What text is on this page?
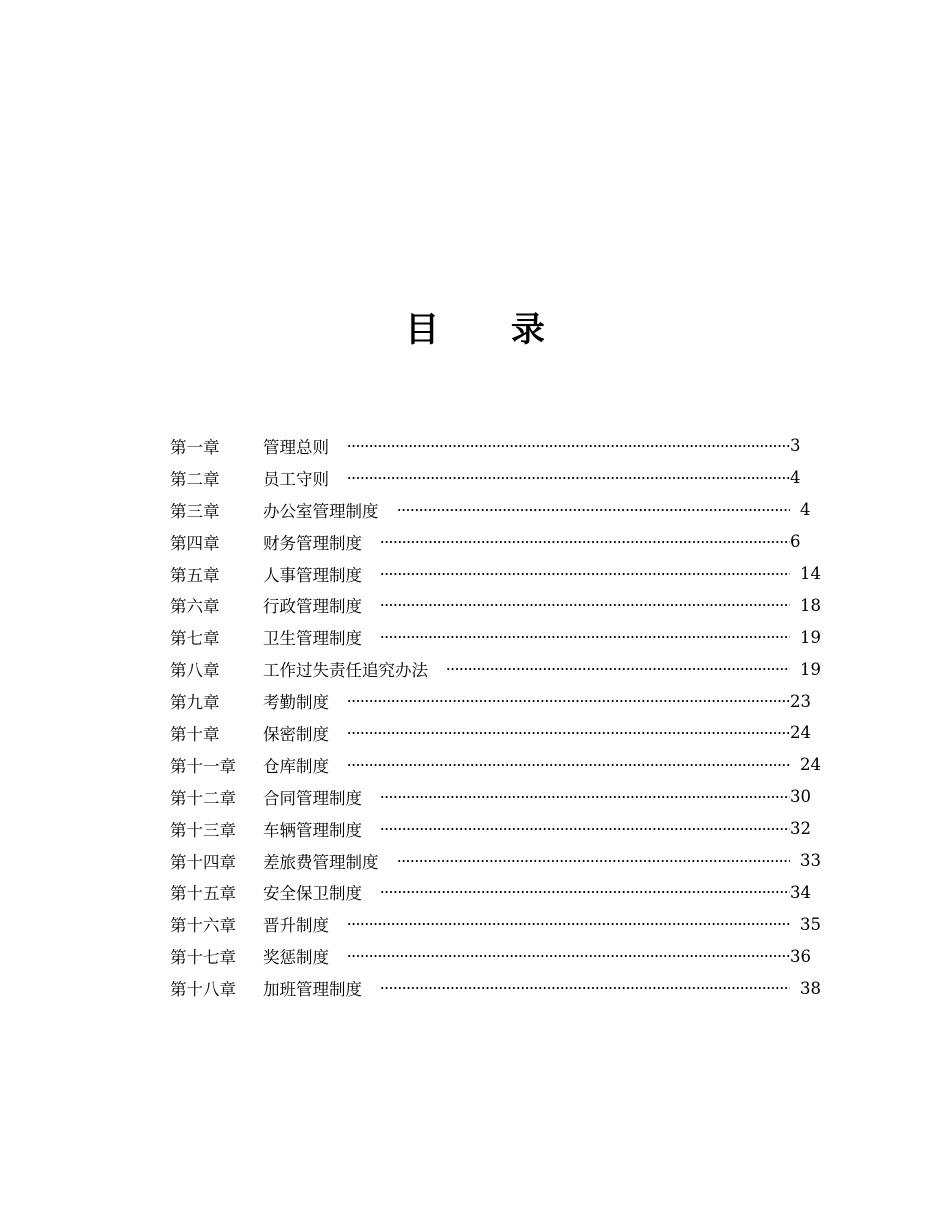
目 录
第一章	管理总则	3
第二章	员工守则	4
第三章	办公室管理制度	4
第四章	财务管理制度	6
第五章	人事管理制度	14
第六章	行政管理制度	18
第七章	卫生管理制度	19
第八章	工作过失责任追究办法	19
第九章	考勤制度	23
第十章	保密制度	24
第十一章	仓库制度	24
第十二章	合同管理制度	30
第十三章	车辆管理制度	32
第十四章	差旅费管理制度	33
第十五章	安全保卫制度	34
第十六章	晋升制度	35
第十七章	奖惩制度	36
第十八章	加班管理制度	38
